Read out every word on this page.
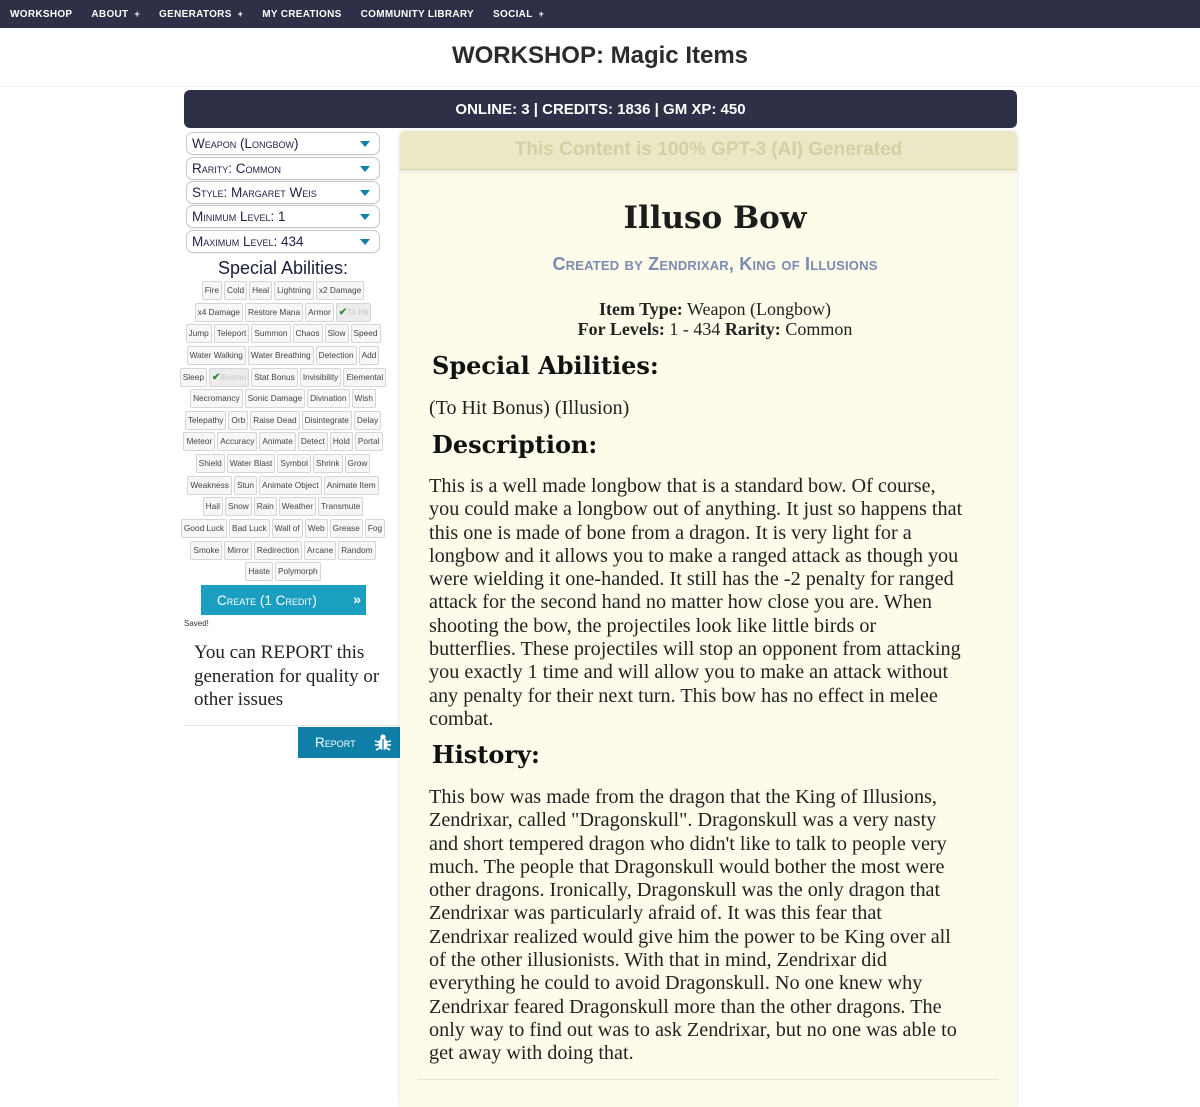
WORKSHOP ABOUT + GENERATORS + MY CREATIONS COMMUNITY LIBRARY SOCIAL +
WORKSHOP: Magic Items
ONLINE: 3 | CREDITS: 1836 | GM XP: 450
Weapon (Longbow)
Rarity: Common
Style: Margaret Weis
Minimum Level: 1
Maximum Level: 434
Special Abilities:
Fire Cold Heal Lightning x2 Damage
x4 Damage Restore Mana Armor ✔To Hit
Jump Teleport Summon Chaos Slow Speed
Water Walking Water Breathing Detection Add
Sleep ✔Illusion Stat Bonus Invisibility Elemental
Necromancy Sonic Damage Divination Wish
Telepathy Orb Raise Dead Disintegrate Delay
Meteor Accuracy Animate Detect Hold Portal
Shield Water Blast Symbol Shrink Grow
Weakness Stun Animate Object Animate Item
Hail Snow Rain Weather Transmute
Good Luck Bad Luck Wall of Web Grease Fog
Smoke Mirror Redirection Arcane Random
Haste Polymorph
Create (1 Credit)	»
Saved!
You can REPORT this
generation for quality or
other issues
Report
This Content is 100% GPT-3 (AI) Generated
Illuso Bow
Created by Zendrixar, King of Illusions
Item Type: Weapon (Longbow)
For Levels: 1 - 434 Rarity: Common
Special Abilities:
(To Hit Bonus) (Illusion)
Description:
This is a well made longbow that is a standard bow. Of course,
you could make a longbow out of anything. It just so happens that
this one is made of bone from a dragon. It is very light for a
longbow and it allows you to make a ranged attack as though you
were wielding it one-handed. It still has the -2 penalty for ranged
attack for the second hand no matter how close you are. When
shooting the bow, the projectiles look like little birds or
butterflies. These projectiles will stop an opponent from attacking
you exactly 1 time and will allow you to make an attack without
any penalty for their next turn. This bow has no effect in melee
combat.
History:
This bow was made from the dragon that the King of Illusions,
Zendrixar, called "Dragonskull". Dragonskull was a very nasty
and short tempered dragon who didn't like to talk to people very
much. The people that Dragonskull would bother the most were
other dragons. Ironically, Dragonskull was the only dragon that
Zendrixar was particularly afraid of. It was this fear that
Zendrixar realized would give him the power to be King over all
of the other illusionists. With that in mind, Zendrixar did
everything he could to avoid Dragonskull. No one knew why
Zendrixar feared Dragonskull more than the other dragons. The
only way to find out was to ask Zendrixar, but no one was able to
get away with doing that.
